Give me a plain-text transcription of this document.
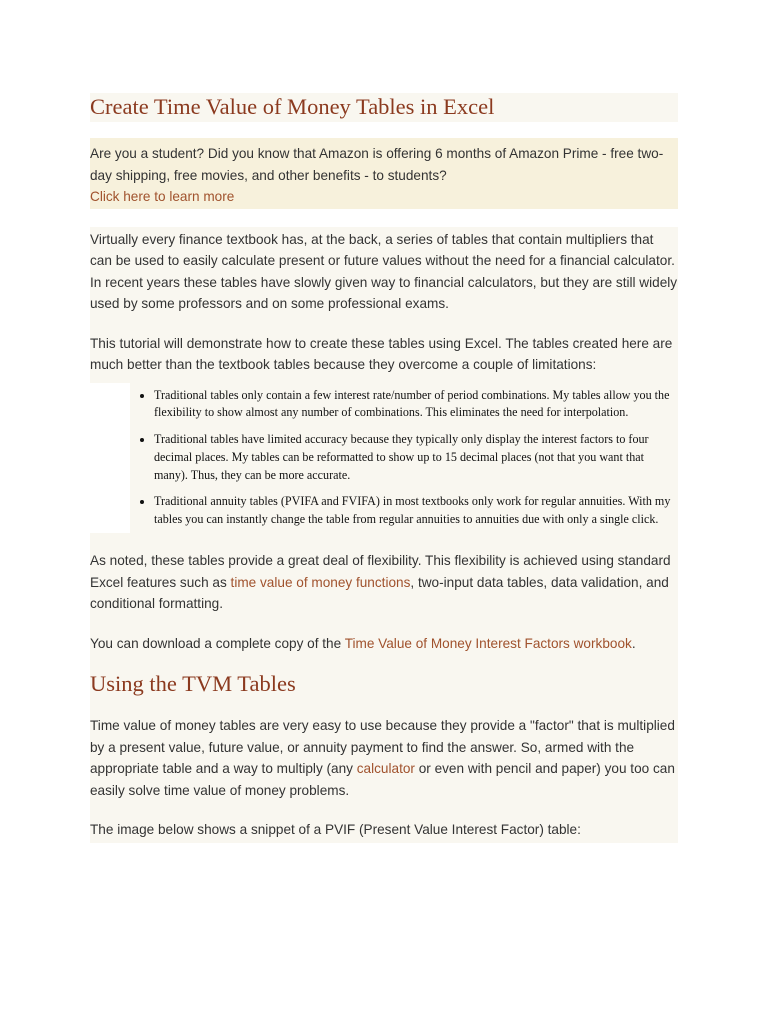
Create Time Value of Money Tables in Excel
Are you a student? Did you know that Amazon is offering 6 months of Amazon Prime - free two-day shipping, free movies, and other benefits - to students?
Click here to learn more

Virtually every finance textbook has, at the back, a series of tables that contain multipliers that can be used to easily calculate present or future values without the need for a financial calculator. In recent years these tables have slowly given way to financial calculators, but they are still widely used by some professors and on some professional exams.

This tutorial will demonstrate how to create these tables using Excel. The tables created here are much better than the textbook tables because they overcome a couple of limitations:

• Traditional tables only contain a few interest rate/number of period combinations. My tables allow you the flexibility to show almost any number of combinations. This eliminates the need for interpolation.
• Traditional tables have limited accuracy because they typically only display the interest factors to four decimal places. My tables can be reformatted to show up to 15 decimal places (not that you want that many). Thus, they can be more accurate.
• Traditional annuity tables (PVIFA and FVIFA) in most textbooks only work for regular annuities. With my tables you can instantly change the table from regular annuities to annuities due with only a single click.

As noted, these tables provide a great deal of flexibility. This flexibility is achieved using standard Excel features such as time value of money functions, two-input data tables, data validation, and conditional formatting.

You can download a complete copy of the Time Value of Money Interest Factors workbook.

Using the TVM Tables

Time value of money tables are very easy to use because they provide a "factor" that is multiplied by a present value, future value, or annuity payment to find the answer. So, armed with the appropriate table and a way to multiply (any calculator or even with pencil and paper) you too can easily solve time value of money problems.

The image below shows a snippet of a PVIF (Present Value Interest Factor) table:
